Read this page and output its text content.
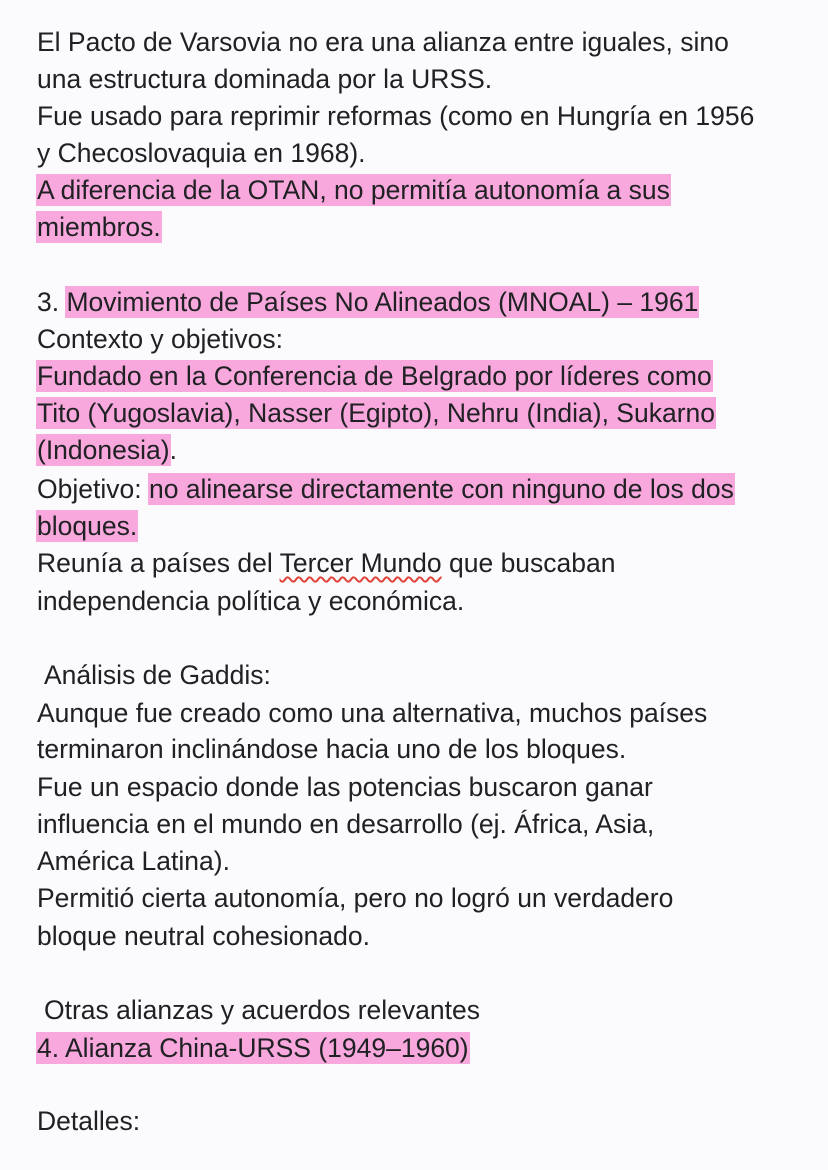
El Pacto de Varsovia no era una alianza entre iguales, sino
una estructura dominada por la URSS.
Fue usado para reprimir reformas (como en Hungría en 1956
y Checoslovaquia en 1968).
A diferencia de la OTAN, no permitía autonomía a sus
miembros.
3. Movimiento de Países No Alineados (MNOAL) – 1961
Contexto y objetivos:
Fundado en la Conferencia de Belgrado por líderes como
Tito (Yugoslavia), Nasser (Egipto), Nehru (India), Sukarno
(Indonesia).
Objetivo: no alinearse directamente con ninguno de los dos
bloques.
Reunía a países del Tercer Mundo que buscaban
independencia política y económica.
Análisis de Gaddis:
Aunque fue creado como una alternativa, muchos países
terminaron inclinándose hacia uno de los bloques.
Fue un espacio donde las potencias buscaron ganar
influencia en el mundo en desarrollo (ej. África, Asia,
América Latina).
Permitió cierta autonomía, pero no logró un verdadero
bloque neutral cohesionado.
Otras alianzas y acuerdos relevantes
4. Alianza China-URSS (1949–1960)
Detalles:
